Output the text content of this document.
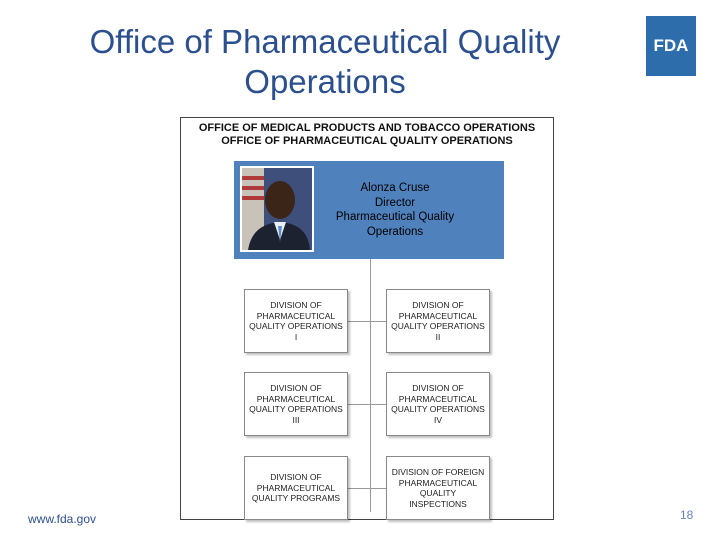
Office of Pharmaceutical Quality Operations
FDA
OFFICE OF MEDICAL PRODUCTS AND TOBACCO OPERATIONS
OFFICE OF PHARMACEUTICAL QUALITY OPERATIONS
Alonza Cruse
Director
Pharmaceutical Quality
Operations
DIVISION OF PHARMACEUTICAL QUALITY OPERATIONS I
DIVISION OF PHARMACEUTICAL QUALITY OPERATIONS II
DIVISION OF PHARMACEUTICAL QUALITY OPERATIONS III
DIVISION OF PHARMACEUTICAL QUALITY OPERATIONS IV
DIVISION OF PHARMACEUTICAL QUALITY PROGRAMS
DIVISION OF FOREIGN PHARMACEUTICAL QUALITY INSPECTIONS
www.fda.gov	18
